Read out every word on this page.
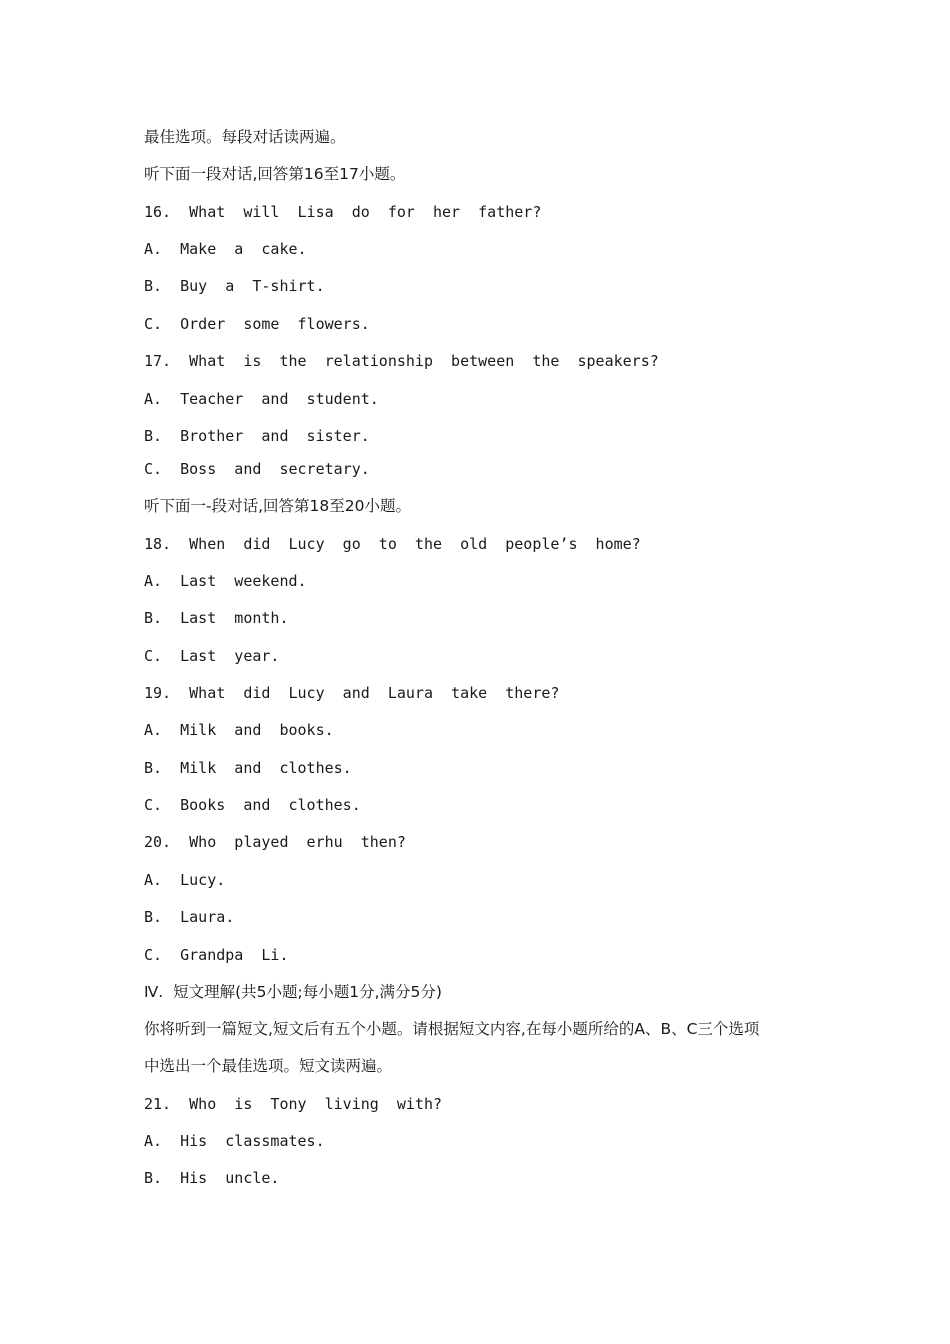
最佳选项。每段对话读两遍。
听下面一段对话,回答第16至17小题。
16.  What  will  Lisa  do  for  her  father?
A.  Make  a  cake.
B.  Buy  a  T-shirt.
C.  Order  some  flowers.
17.  What  is  the  relationship  between  the  speakers?
A.  Teacher  and  student.
B.  Brother  and  sister.
C.  Boss  and  secretary.
听下面一-段对话,回答第18至20小题。
18.  When  did  Lucy  go  to  the  old  people’s  home?
A.  Last  weekend.
B.  Last  month.
C.  Last  year.
19.  What  did  Lucy  and  Laura  take  there?
A.  Milk  and  books.
B.  Milk  and  clothes.
C.  Books  and  clothes.
20.  Who  played  erhu  then?
A.  Lucy.
B.  Laura.
C.  Grandpa  Li.
Ⅳ.  短文理解(共5小题;每小题1分,满分5分)
你将听到一篇短文,短文后有五个小题。请根据短文内容,在每小题所给的A、B、C三个选项
中选出一个最佳选项。短文读两遍。
21.  Who  is  Tony  living  with?
A.  His  classmates.
B.  His  uncle.
